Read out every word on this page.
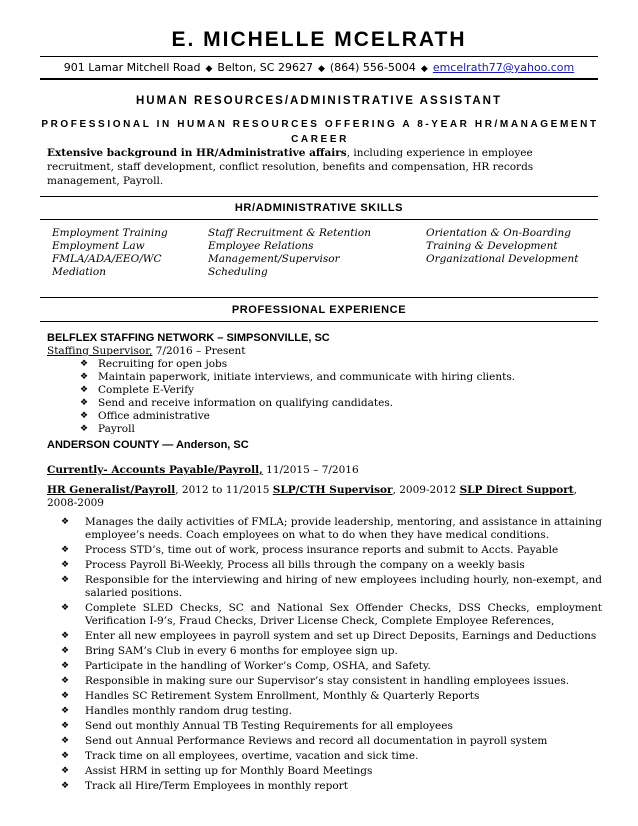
E. MICHELLE MCELRATH
901 Lamar Mitchell Road ◆ Belton, SC 29627 ◆ (864) 556-5004 ◆ emcelrath77@yahoo.com
HUMAN RESOURCES/ADMINISTRATIVE ASSISTANT
PROFESSIONAL IN HUMAN RESOURCES OFFERING A 8-YEAR HR/MANAGEMENT
CAREER
Extensive background in HR/Administrative affairs, including experience in employee recruitment, staff development, conflict resolution, benefits and compensation, HR records management, Payroll.
HR/ADMINISTRATIVE SKILLS
Employment Training
Employment Law
FMLA/ADA/EEO/WC
Mediation
Staff Recruitment & Retention
Employee Relations
Management/Supervisor
Scheduling
Orientation & On-Boarding
Training & Development
Organizational Development
PROFESSIONAL EXPERIENCE
BELFLEX STAFFING NETWORK – SIMPSONVILLE, SC
Staffing Supervisor, 7/2016 – Present
❖ Recruiting for open jobs
❖ Maintain paperwork, initiate interviews, and communicate with hiring clients.
❖ Complete E-Verify
❖ Send and receive information on qualifying candidates.
❖ Office administrative
❖ Payroll
ANDERSON COUNTY — Anderson, SC
Currently- Accounts Payable/Payroll, 11/2015 – 7/2016
HR Generalist/Payroll, 2012 to 11/2015 SLP/CTH Supervisor, 2009-2012 SLP Direct Support, 2008-2009
❖ Manages the daily activities of FMLA; provide leadership, mentoring, and assistance in attaining employee’s needs. Coach employees on what to do when they have medical conditions.
❖ Process STD’s, time out of work, process insurance reports and submit to Accts. Payable
❖ Process Payroll Bi-Weekly, Process all bills through the company on a weekly basis
❖ Responsible for the interviewing and hiring of new employees including hourly, non-exempt, and salaried positions.
❖ Complete SLED Checks, SC and National Sex Offender Checks, DSS Checks, employment Verification I-9’s, Fraud Checks, Driver License Check, Complete Employee References,
❖ Enter all new employees in payroll system and set up Direct Deposits, Earnings and Deductions
❖ Bring SAM’s Club in every 6 months for employee sign up.
❖ Participate in the handling of Worker’s Comp, OSHA, and Safety.
❖ Responsible in making sure our Supervisor’s stay consistent in handling employees issues.
❖ Handles SC Retirement System Enrollment, Monthly & Quarterly Reports
❖ Handles monthly random drug testing.
❖ Send out monthly Annual TB Testing Requirements for all employees
❖ Send out Annual Performance Reviews and record all documentation in payroll system
❖ Track time on all employees, overtime, vacation and sick time.
❖ Assist HRM in setting up for Monthly Board Meetings
❖ Track all Hire/Term Employees in monthly report
